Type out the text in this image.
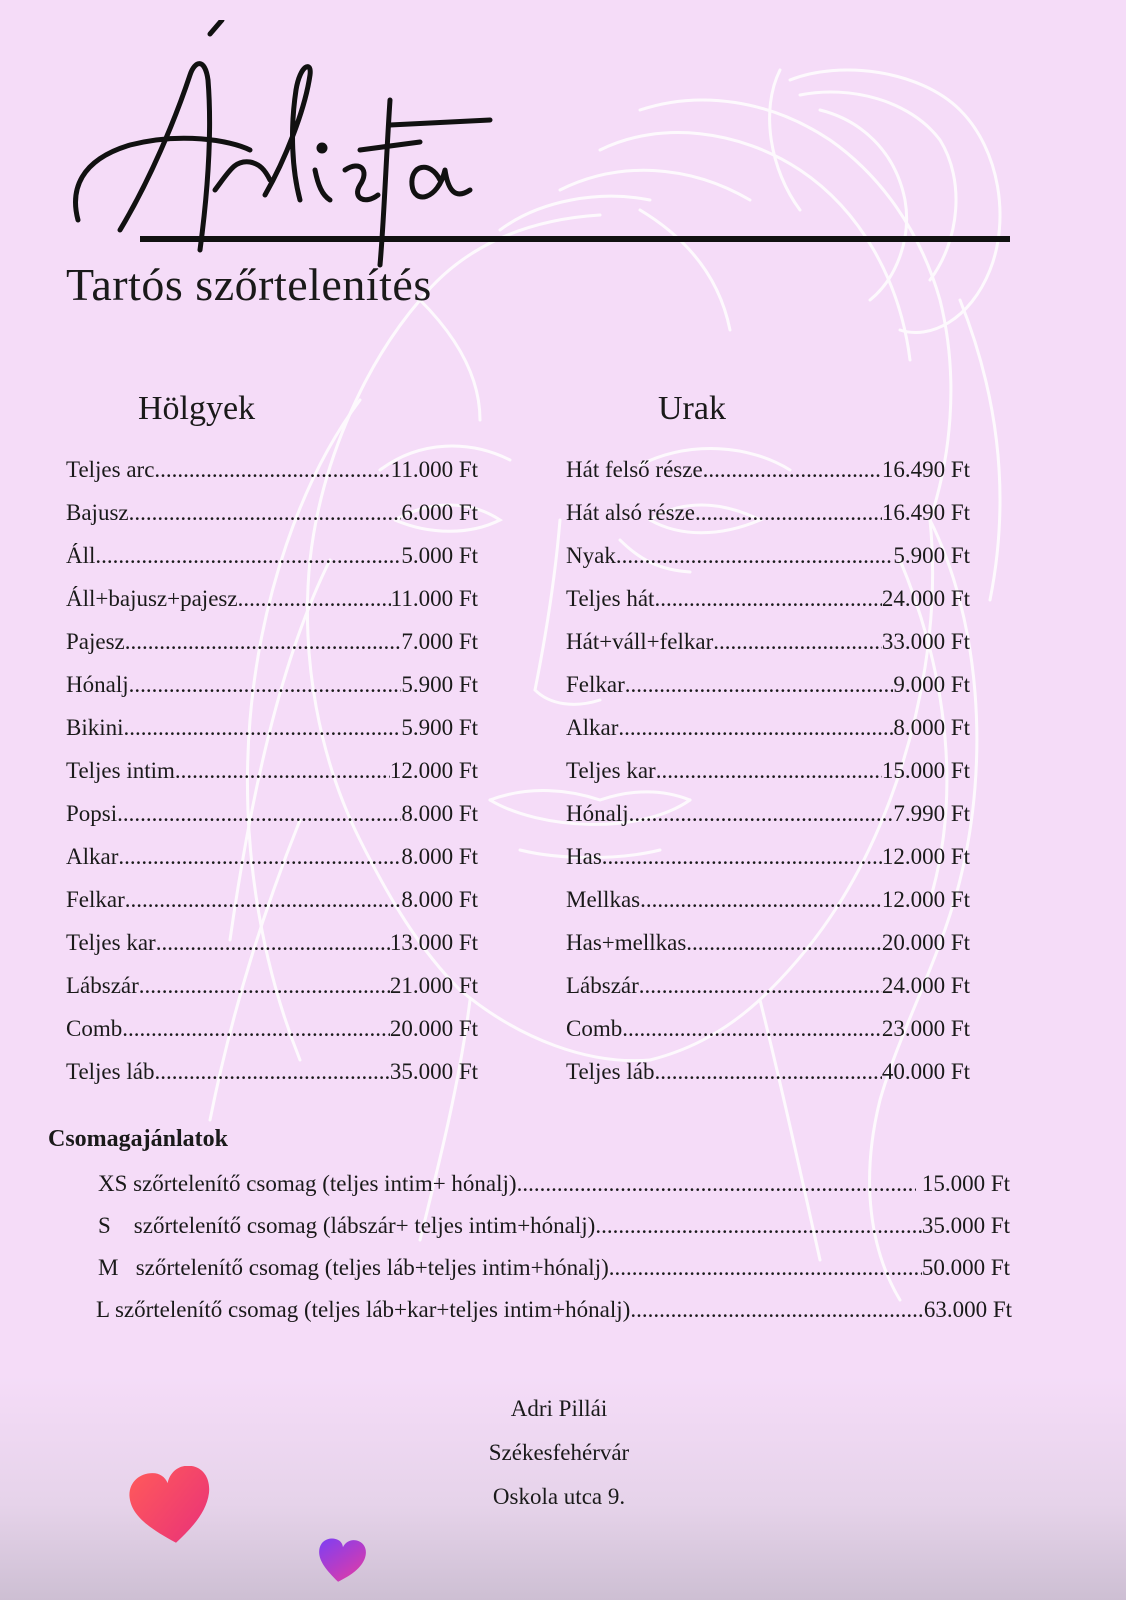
Tartós szőrtelenítés
Hölgyek
Teljes arc .....	11.000 Ft
Bajusz .....	6.000 Ft
Áll .....	5.000 Ft
Áll+bajusz+pajesz .....	11.000 Ft
Pajesz .....	7.000 Ft
Hónalj .....	5.900 Ft
Bikini .....	5.900 Ft
Teljes intim .....	12.000 Ft
Popsi .....	8.000 Ft
Alkar .....	8.000 Ft
Felkar .....	8.000 Ft
Teljes kar .....	13.000 Ft
Lábszár .....	21.000 Ft
Comb .....	20.000 Ft
Teljes láb .....	35.000 Ft
Urak
Hát felső része .....	16.490 Ft
Hát alsó része .....	16.490 Ft
Nyak .....	5.900 Ft
Teljes hát .....	24.000 Ft
Hát+váll+felkar .....	33.000 Ft
Felkar .....	9.000 Ft
Alkar .....	8.000 Ft
Teljes kar .....	15.000 Ft
Hónalj .....	7.990 Ft
Has .....	12.000 Ft
Mellkas .....	12.000 Ft
Has+mellkas .....	20.000 Ft
Lábszár .....	24.000 Ft
Comb .....	23.000 Ft
Teljes láb .....	40.000 Ft
Csomagajánlatok
XS szőrtelenítő csomag (teljes intim+ hónalj) .....	15.000 Ft
S    szőrtelenítő csomag (lábszár+ teljes intim+hónalj) .....	35.000 Ft
M   szőrtelenítő csomag (teljes láb+teljes intim+hónalj) .....	50.000 Ft
L szőrtelenítő csomag (teljes láb+kar+teljes intim+hónalj) .....	63.000 Ft
Adri Pillái
Székesfehérvár
Oskola utca 9.
